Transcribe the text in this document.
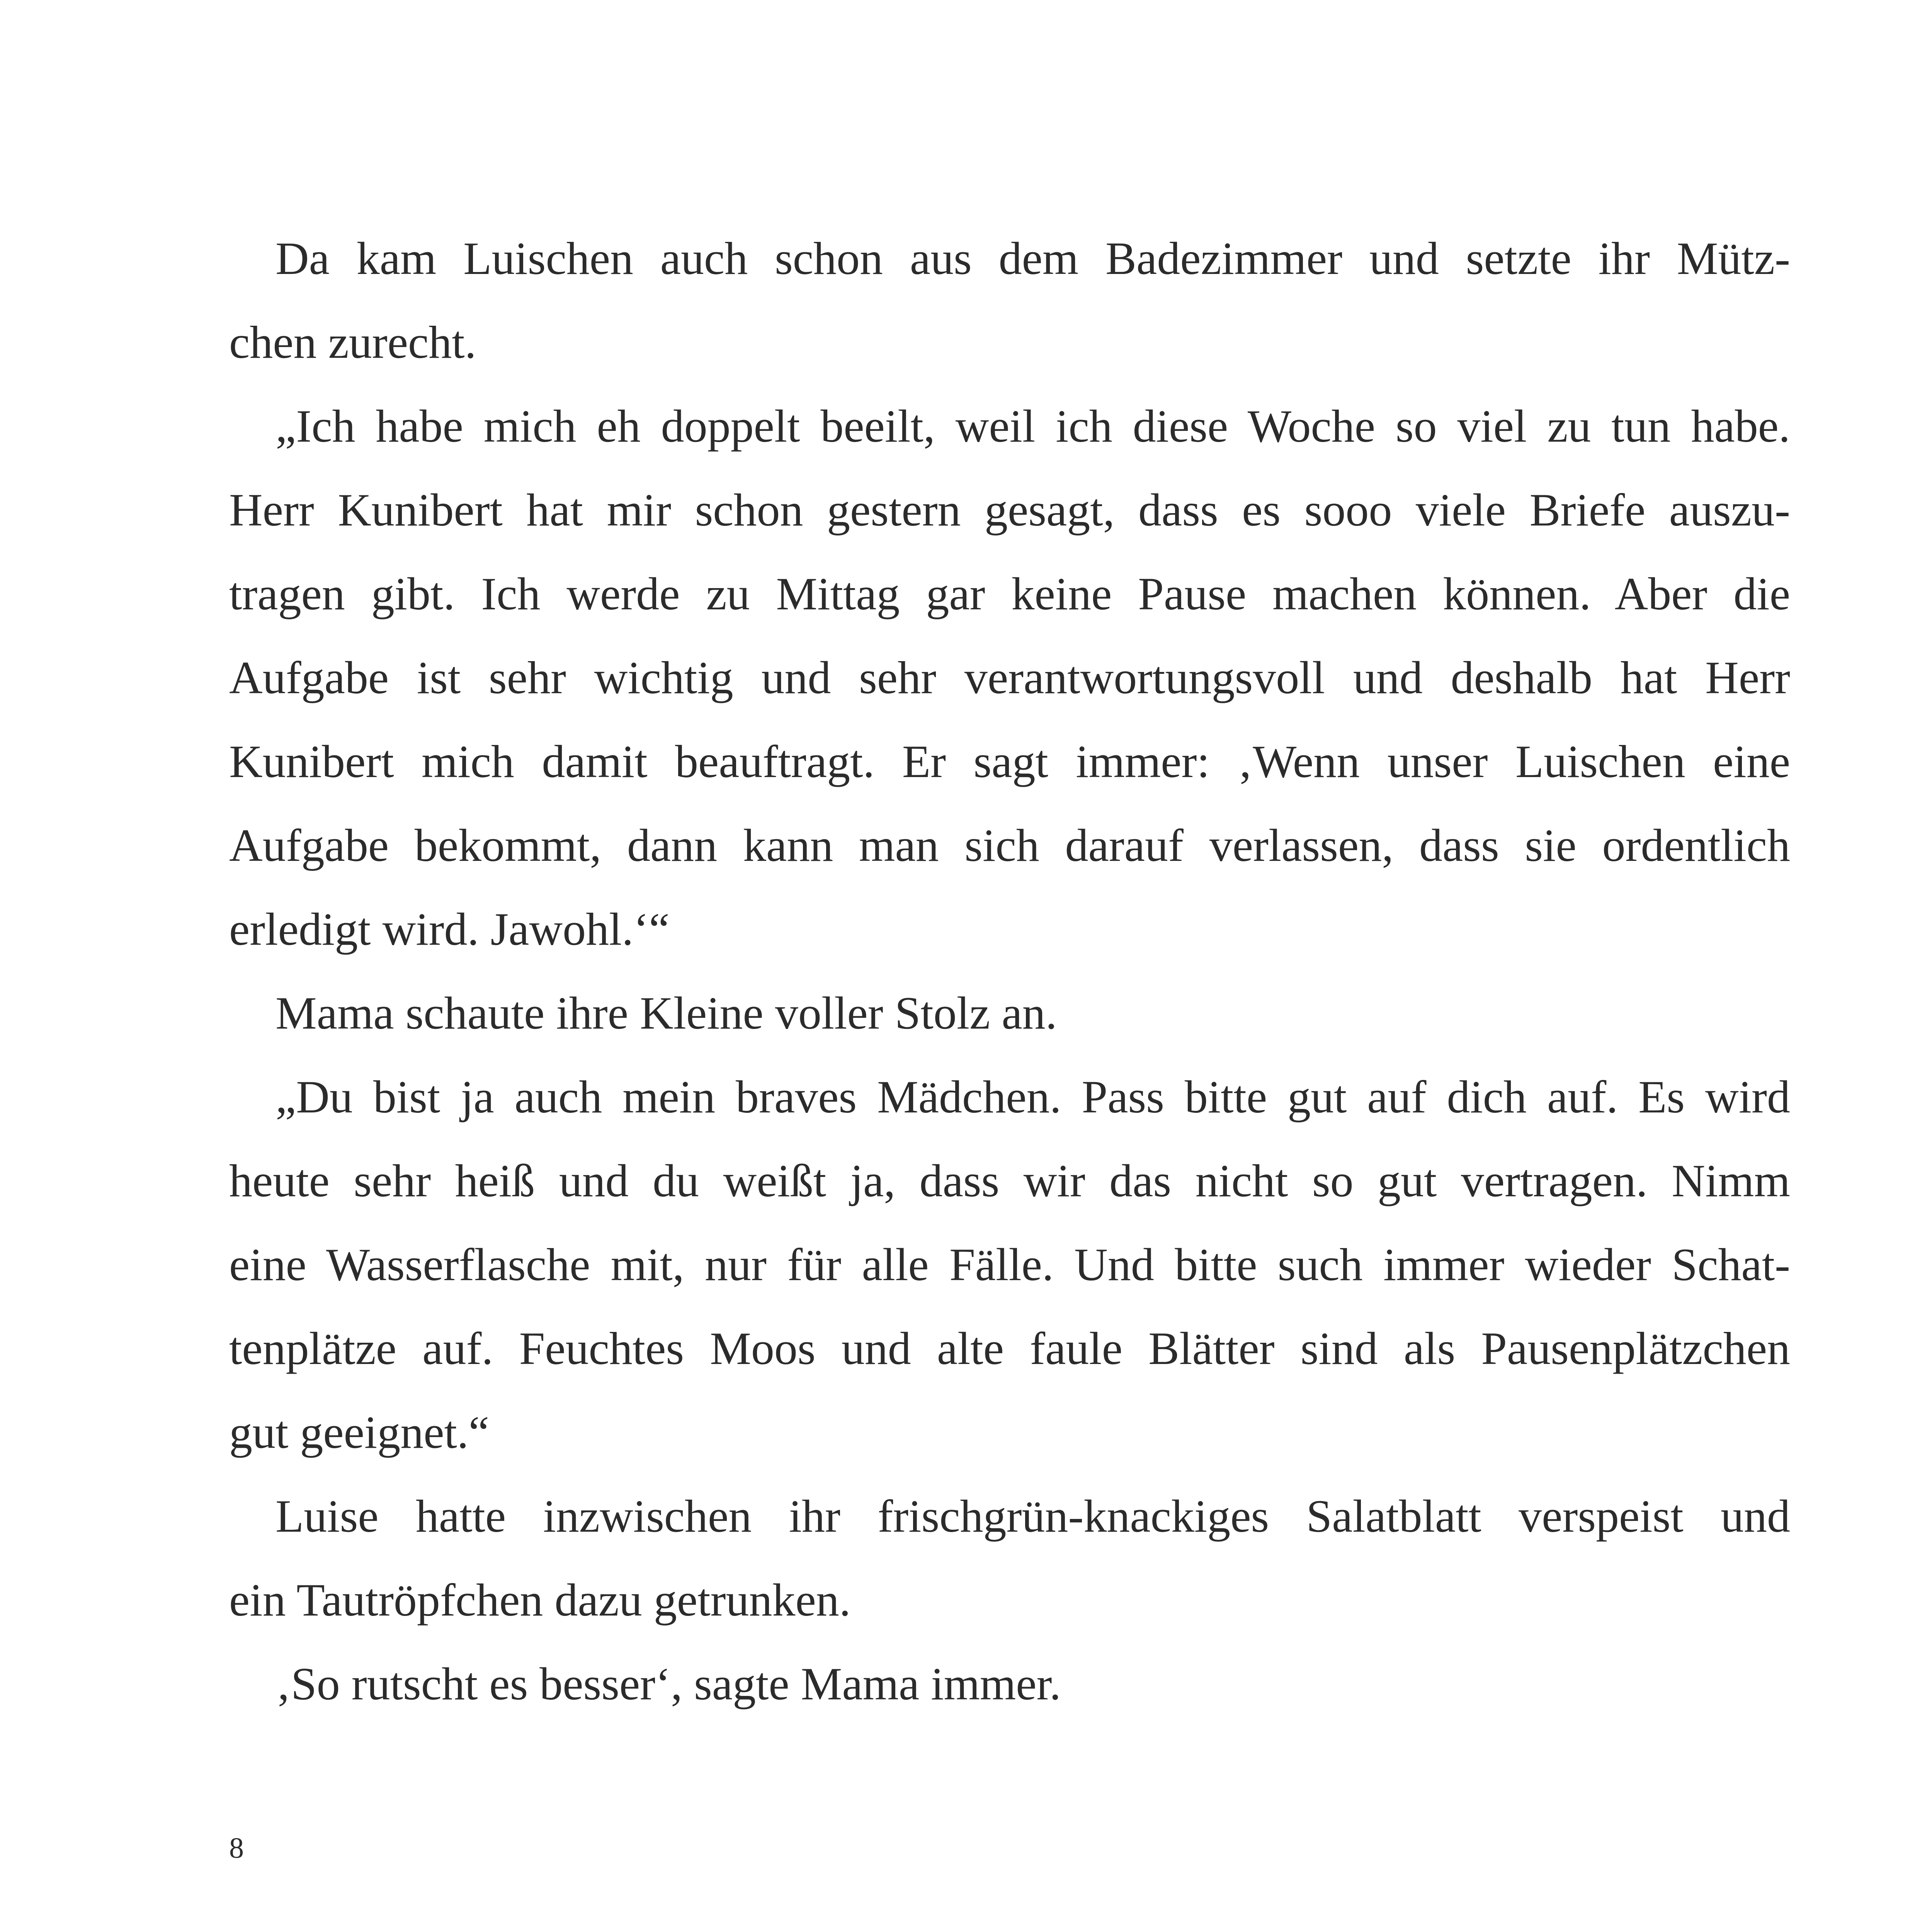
Da kam Luischen auch schon aus dem Badezimmer und setzte ihr Mütz-
chen zurecht.
„Ich habe mich eh doppelt beeilt, weil ich diese Woche so viel zu tun habe.
Herr Kunibert hat mir schon gestern gesagt, dass es sooo viele Briefe auszu-
tragen gibt. Ich werde zu Mittag gar keine Pause machen können. Aber die
Aufgabe ist sehr wichtig und sehr verantwortungsvoll und deshalb hat Herr
Kunibert mich damit beauftragt. Er sagt immer: ‚Wenn unser Luischen eine
Aufgabe bekommt, dann kann man sich darauf verlassen, dass sie ordentlich
erledigt wird. Jawohl.‘“
Mama schaute ihre Kleine voller Stolz an.
„Du bist ja auch mein braves Mädchen. Pass bitte gut auf dich auf. Es wird
heute sehr heiß und du weißt ja, dass wir das nicht so gut vertragen. Nimm
eine Wasserflasche mit, nur für alle Fälle. Und bitte such immer wieder Schat-
tenplätze auf. Feuchtes Moos und alte faule Blätter sind als Pausenplätzchen
gut geeignet.“
Luise hatte inzwischen ihr frischgrün-knackiges Salatblatt verspeist und
ein Tautröpfchen dazu getrunken.
‚So rutscht es besser‘, sagte Mama immer.
8
